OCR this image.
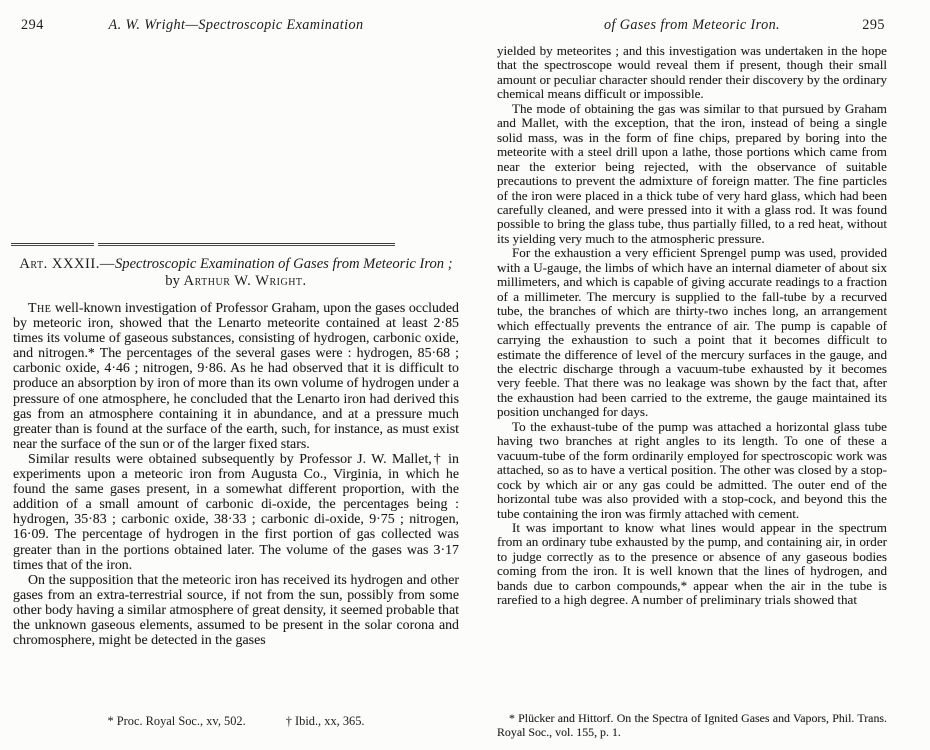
294	A. W. Wright—Spectroscopic Examination
Art. XXXII.—Spectroscopic Examination of Gases from Meteoric Iron ; by Arthur W. Wright.

The well-known investigation of Professor Graham, upon the gases occluded by meteoric iron, showed that the Lenarto meteorite contained at least 2·85 times its volume of gaseous substances, consisting of hydrogen, carbonic oxide, and nitrogen.* The percentages of the several gases were : hydrogen, 85·68 ; carbonic oxide, 4·46 ; nitrogen, 9·86. As he had observed that it is difficult to produce an absorption by iron of more than its own volume of hydrogen under a pressure of one atmosphere, he concluded that the Lenarto iron had derived this gas from an atmosphere containing it in abundance, and at a pressure much greater than is found at the surface of the earth, such, for instance, as must exist near the surface of the sun or of the larger fixed stars.

Similar results were obtained subsequently by Professor J. W. Mallet,† in experiments upon a meteoric iron from Augusta Co., Virginia, in which he found the same gases present, in a somewhat different proportion, with the addition of a small amount of carbonic di-oxide, the percentages being : hydrogen, 35·83 ; carbonic oxide, 38·33 ; carbonic di-oxide, 9·75 ; nitrogen, 16·09. The percentage of hydrogen in the first portion of gas collected was greater than in the portions obtained later. The volume of the gases was 3·17 times that of the iron.

On the supposition that the meteoric iron has received its hydrogen and other gases from an extra-terrestrial source, if not from the sun, possibly from some other body having a similar atmosphere of great density, it seemed probable that the unknown gaseous elements, assumed to be present in the solar corona and chromosphere, might be detected in the gases

* Proc. Royal Soc., xv, 502.	† Ibid., xx, 365.
of Gases from Meteoric Iron.	295

yielded by meteorites ; and this investigation was undertaken in the hope that the spectroscope would reveal them if present, though their small amount or peculiar character should render their discovery by the ordinary chemical means difficult or impossible.

The mode of obtaining the gas was similar to that pursued by Graham and Mallet, with the exception, that the iron, instead of being a single solid mass, was in the form of fine chips, prepared by boring into the meteorite with a steel drill upon a lathe, those portions which came from near the exterior being rejected, with the observance of suitable precautions to prevent the admixture of foreign matter. The fine particles of the iron were placed in a thick tube of very hard glass, which had been carefully cleaned, and were pressed into it with a glass rod. It was found possible to bring the glass tube, thus partially filled, to a red heat, without its yielding very much to the atmospheric pressure.

For the exhaustion a very efficient Sprengel pump was used, provided with a U-gauge, the limbs of which have an internal diameter of about six millimeters, and which is capable of giving accurate readings to a fraction of a millimeter. The mercury is supplied to the fall-tube by a recurved tube, the branches of which are thirty-two inches long, an arrangement which effectually prevents the entrance of air. The pump is capable of carrying the exhaustion to such a point that it becomes difficult to estimate the difference of level of the mercury surfaces in the gauge, and the electric discharge through a vacuum-tube exhausted by it becomes very feeble. That there was no leakage was shown by the fact that, after the exhaustion had been carried to the extreme, the gauge maintained its position unchanged for days.

To the exhaust-tube of the pump was attached a horizontal glass tube having two branches at right angles to its length. To one of these a vacuum-tube of the form ordinarily employed for spectroscopic work was attached, so as to have a vertical position. The other was closed by a stop-cock by which air or any gas could be admitted. The outer end of the horizontal tube was also provided with a stop-cock, and beyond this the tube containing the iron was firmly attached with cement.

It was important to know what lines would appear in the spectrum from an ordinary tube exhausted by the pump, and containing air, in order to judge correctly as to the presence or absence of any gaseous bodies coming from the iron. It is well known that the lines of hydrogen, and bands due to carbon compounds,* appear when the air in the tube is rarefied to a high degree. A number of preliminary trials showed that

* Plücker and Hittorf. On the Spectra of Ignited Gases and Vapors, Phil. Trans. Royal Soc., vol. 155, p. 1.
